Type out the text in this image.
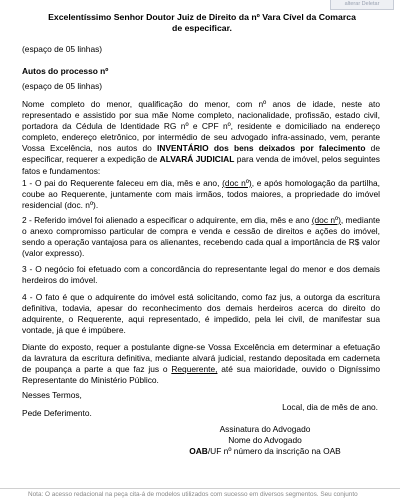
alterar Deletar
Excelentíssimo Senhor Doutor Juiz de Direito da nº Vara Cível da Comarca
de especificar.
(espaço de 05 linhas)
Autos do processo nº
(espaço de 05 linhas)
Nome completo do menor, qualificação do menor, com nº anos de idade, neste ato representado e assistido por sua mãe Nome completo, nacionalidade, profissão, estado civil, portadora da Cédula de Identidade RG nº e CPF nº, residente e domiciliado na endereço completo, endereço eletrônico, por intermédio de seu advogado infra-assinado, vem, perante Vossa Excelência, nos autos do INVENTÁRIO dos bens deixados por falecimento de especificar, requerer a expedição de ALVARÁ JUDICIAL para venda de imóvel, pelos seguintes fatos e fundamentos:
1 - O pai do Requerente faleceu em dia, mês e ano, (doc nº), e após homologação da partilha, coube ao Requerente, juntamente com mais irmãos, todos maiores, a propriedade do imóvel residencial (doc. nº).
2 - Referido imóvel foi alienado a especificar o adquirente, em dia, mês e ano (doc nº), mediante o anexo compromisso particular de compra e venda e cessão de direitos e ações do imóvel, sendo a operação vantajosa para os alienantes, recebendo cada qual a importância de R$ valor (valor expresso).
3 - O negócio foi efetuado com a concordância do representante legal do menor e dos demais herdeiros do imóvel.
4 - O fato é que o adquirente do imóvel está solicitando, como faz jus, a outorga da escritura definitiva, todavia, apesar do reconhecimento dos demais herdeiros acerca do direito do adquirente, o Requerente, aqui representado, é impedido, pela lei civil, de manifestar sua vontade, já que é impúbere.
Diante do exposto, requer a postulante digne-se Vossa Excelência em determinar a efetuação da lavratura da escritura definitiva, mediante alvará judicial, restando depositada em caderneta de poupança a parte a que faz jus o Requerente, até sua maioridade, ouvido o Digníssimo Representante do Ministério Público.
Nesses Termos,
Pede Deferimento.
Local, dia de mês de ano.
Assinatura do Advogado
Nome do Advogado
OAB/UF nº número da inscrição na OAB
Nota: O acesso redacional na peça cita-á de modelos utilizados com sucesso em diversos segmentos. Seu conjunto
